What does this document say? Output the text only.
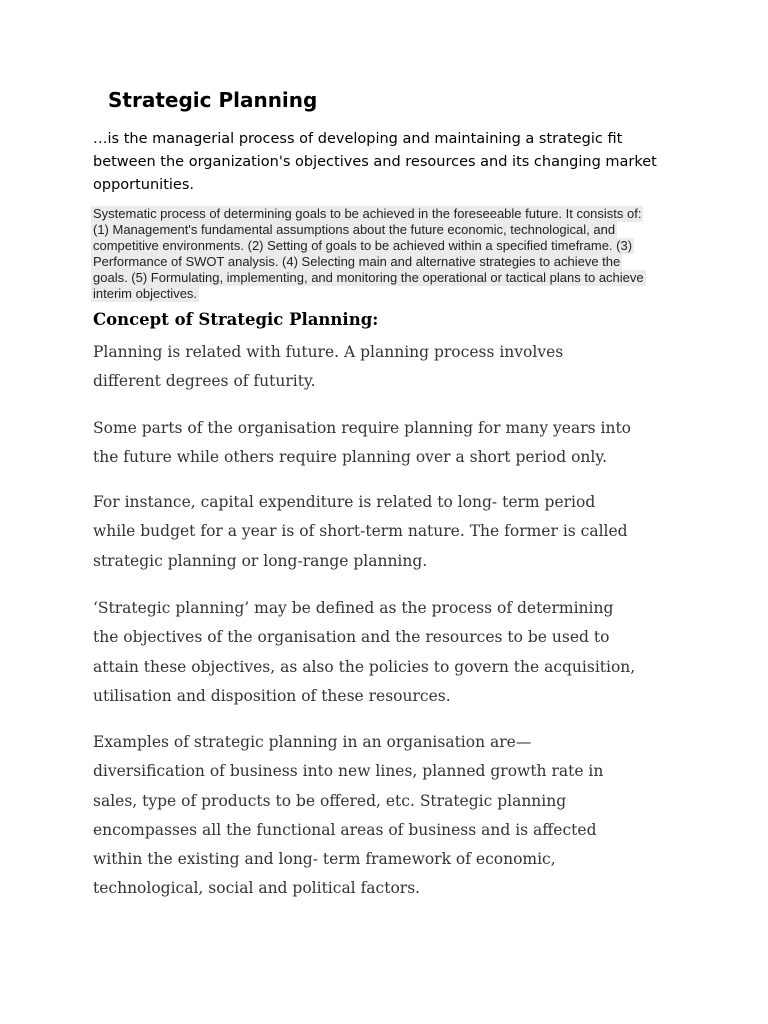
Strategic Planning
…is the managerial process of developing and maintaining a strategic fit
between the organization's objectives and resources and its changing market
opportunities.
Systematic process of determining goals to be achieved in the foreseeable future. It consists of:
(1) Management's fundamental assumptions about the future economic, technological, and
competitive environments. (2) Setting of goals to be achieved within a specified timeframe. (3)
Performance of SWOT analysis. (4) Selecting main and alternative strategies to achieve the
goals. (5) Formulating, implementing, and monitoring the operational or tactical plans to achieve
interim objectives.
Concept of Strategic Planning:
Planning is related with future. A planning process involves
different degrees of futurity.
Some parts of the organisation require planning for many years into
the future while others require planning over a short period only.
For instance, capital expenditure is related to long- term period
while budget for a year is of short-term nature. The former is called
strategic planning or long-range planning.
‘Strategic planning’ may be defined as the process of determining
the objectives of the organisation and the resources to be used to
attain these objectives, as also the policies to govern the acquisition,
utilisation and disposition of these resources.
Examples of strategic planning in an organisation are—
diversification of business into new lines, planned growth rate in
sales, type of products to be offered, etc. Strategic planning
encompasses all the functional areas of business and is affected
within the existing and long- term framework of economic,
technological, social and political factors.
